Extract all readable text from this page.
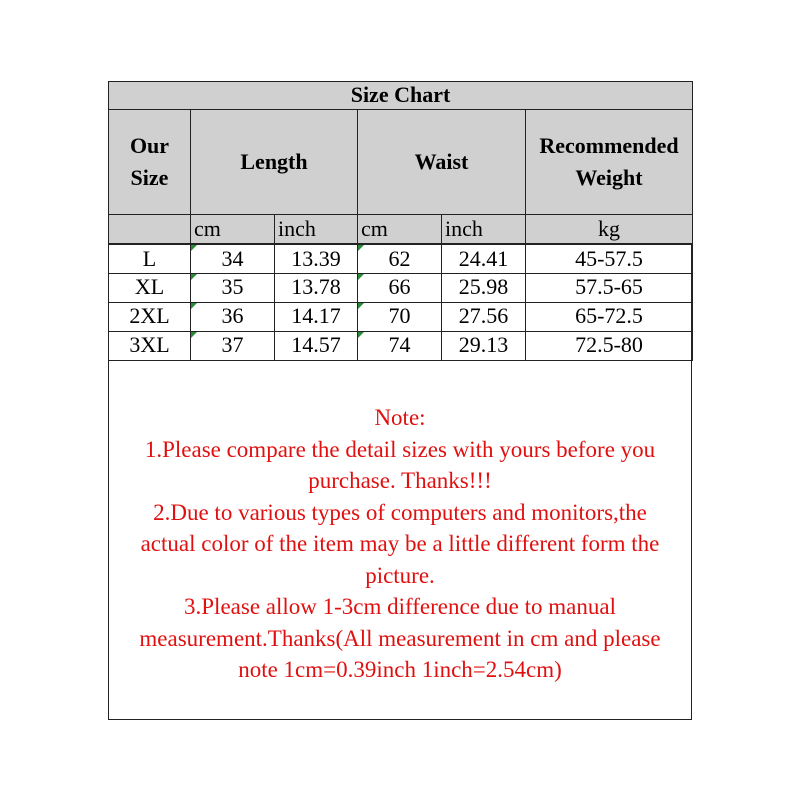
Size Chart					
Our Size	Length		Waist		Recommended Weight
	cm	inch	cm	inch	kg
L	34	13.39	62	24.41	45-57.5
XL	35	13.78	66	25.98	57.5-65
2XL	36	14.17	70	27.56	65-72.5
3XL	37	14.57	74	29.13	72.5-80
Note:
1.Please compare the detail sizes with yours before you
purchase. Thanks!!!
2.Due to various types of computers and monitors,the
actual color of the item may be a little different form the
picture.
3.Please allow 1-3cm difference due to manual
measurement.Thanks(All measurement in cm and please
note 1cm=0.39inch 1inch=2.54cm)
